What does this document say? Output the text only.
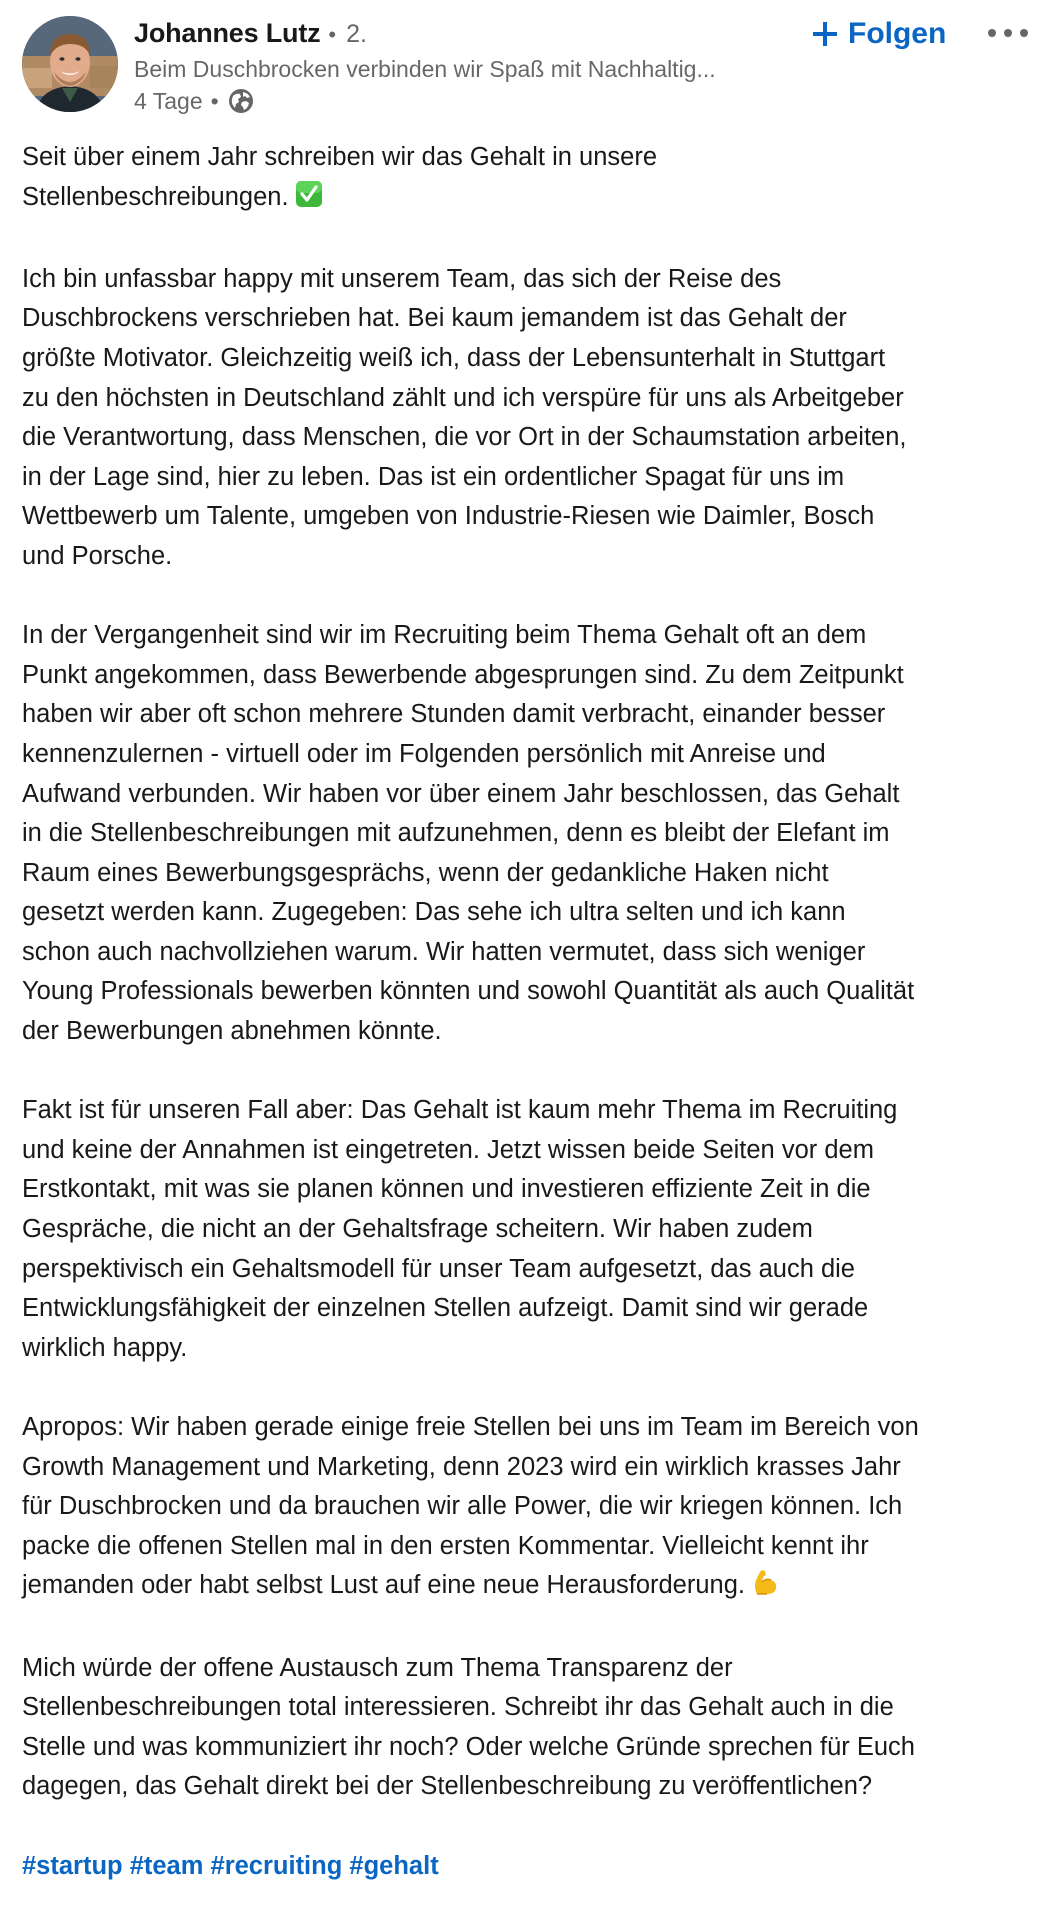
Johannes Lutz • 2.
Beim Duschbrocken verbinden wir Spaß mit Nachhaltig...
4 Tage •
Folgen

Seit über einem Jahr schreiben wir das Gehalt in unsere
Stellenbeschreibungen.

Ich bin unfassbar happy mit unserem Team, das sich der Reise des
Duschbrockens verschrieben hat. Bei kaum jemandem ist das Gehalt der
größte Motivator. Gleichzeitig weiß ich, dass der Lebensunterhalt in Stuttgart
zu den höchsten in Deutschland zählt und ich verspüre für uns als Arbeitgeber
die Verantwortung, dass Menschen, die vor Ort in der Schaumstation arbeiten,
in der Lage sind, hier zu leben. Das ist ein ordentlicher Spagat für uns im
Wettbewerb um Talente, umgeben von Industrie-Riesen wie Daimler, Bosch
und Porsche.

In der Vergangenheit sind wir im Recruiting beim Thema Gehalt oft an dem
Punkt angekommen, dass Bewerbende abgesprungen sind. Zu dem Zeitpunkt
haben wir aber oft schon mehrere Stunden damit verbracht, einander besser
kennenzulernen - virtuell oder im Folgenden persönlich mit Anreise und
Aufwand verbunden. Wir haben vor über einem Jahr beschlossen, das Gehalt
in die Stellenbeschreibungen mit aufzunehmen, denn es bleibt der Elefant im
Raum eines Bewerbungsgesprächs, wenn der gedankliche Haken nicht
gesetzt werden kann. Zugegeben: Das sehe ich ultra selten und ich kann
schon auch nachvollziehen warum. Wir hatten vermutet, dass sich weniger
Young Professionals bewerben könnten und sowohl Quantität als auch Qualität
der Bewerbungen abnehmen könnte.

Fakt ist für unseren Fall aber: Das Gehalt ist kaum mehr Thema im Recruiting
und keine der Annahmen ist eingetreten. Jetzt wissen beide Seiten vor dem
Erstkontakt, mit was sie planen können und investieren effiziente Zeit in die
Gespräche, die nicht an der Gehaltsfrage scheitern. Wir haben zudem
perspektivisch ein Gehaltsmodell für unser Team aufgesetzt, das auch die
Entwicklungsfähigkeit der einzelnen Stellen aufzeigt. Damit sind wir gerade
wirklich happy.

Apropos: Wir haben gerade einige freie Stellen bei uns im Team im Bereich von
Growth Management und Marketing, denn 2023 wird ein wirklich krasses Jahr
für Duschbrocken und da brauchen wir alle Power, die wir kriegen können. Ich
packe die offenen Stellen mal in den ersten Kommentar. Vielleicht kennt ihr
jemanden oder habt selbst Lust auf eine neue Herausforderung.

Mich würde der offene Austausch zum Thema Transparenz der
Stellenbeschreibungen total interessieren. Schreibt ihr das Gehalt auch in die
Stelle und was kommuniziert ihr noch? Oder welche Gründe sprechen für Euch
dagegen, das Gehalt direkt bei der Stellenbeschreibung zu veröffentlichen?

#startup #team #recruiting #gehalt
